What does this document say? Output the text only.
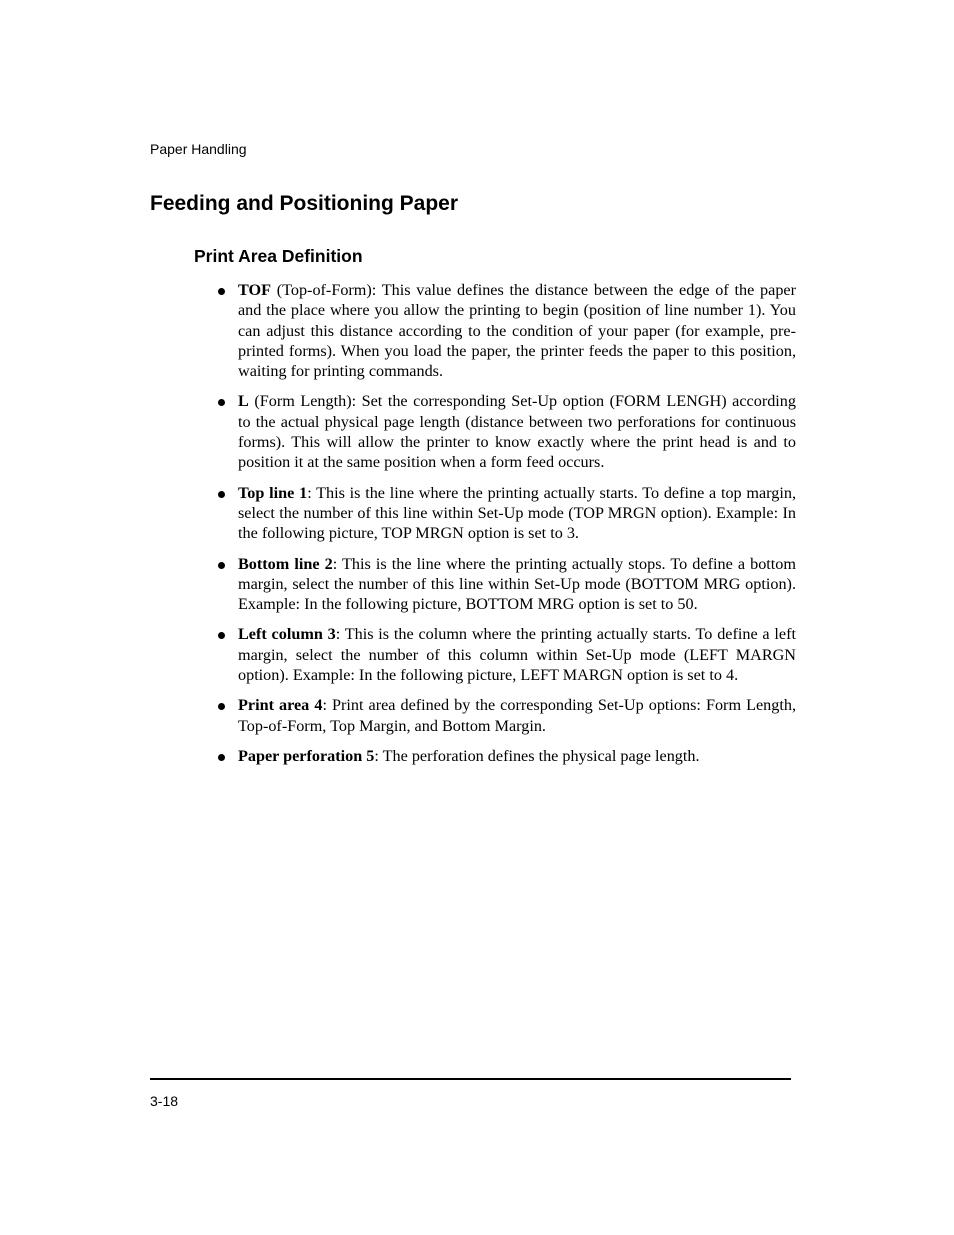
Paper Handling
Feeding and Positioning Paper
Print Area Definition
TOF (Top-of-Form): This value defines the distance between the edge of the paper and the place where you allow the printing to begin (position of line number 1). You can adjust this distance according to the condition of your paper (for example, pre-printed forms). When you load the paper, the printer feeds the paper to this position, waiting for printing commands.
L (Form Length): Set the corresponding Set-Up option (FORM LENGH) according to the actual physical page length (distance between two perforations for continuous forms). This will allow the printer to know exactly where the print head is and to position it at the same position when a form feed occurs.
Top line 1: This is the line where the printing actually starts. To define a top margin, select the number of this line within Set-Up mode (TOP MRGN option). Example: In the following picture, TOP MRGN option is set to 3.
Bottom line 2: This is the line where the printing actually stops. To define a bottom margin, select the number of this line within Set-Up mode (BOTTOM MRG option). Example: In the following picture, BOTTOM MRG option is set to 50.
Left column 3: This is the column where the printing actually starts. To define a left margin, select the number of this column within Set-Up mode (LEFT MARGN option). Example: In the following picture, LEFT MARGN option is set to 4.
Print area 4: Print area defined by the corresponding Set-Up options: Form Length, Top-of-Form, Top Margin, and Bottom Margin.
Paper perforation 5: The perforation defines the physical page length.
3-18
